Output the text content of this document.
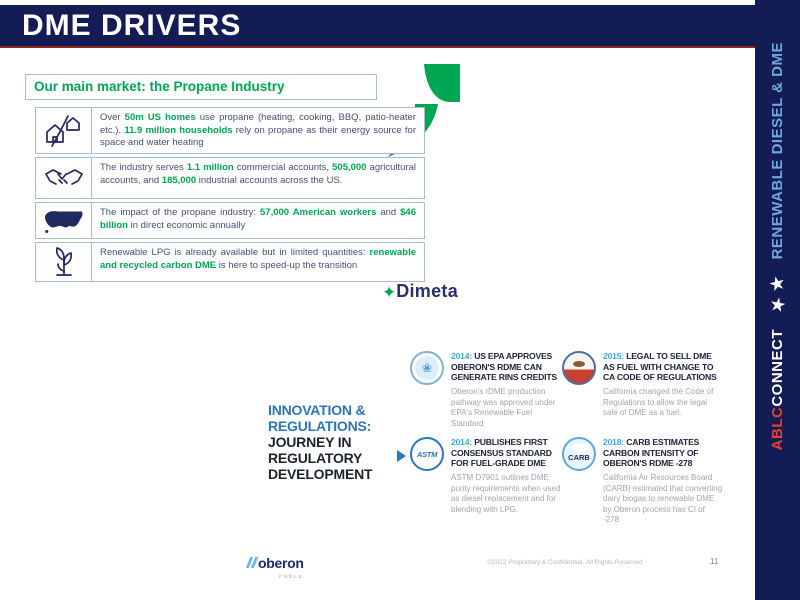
DME DRIVERS
RENEWABLE DIESEL & DME
★
★
ABLCCONNECT
Our main market: the Propane Industry
Over 50m US homes use propane (heating, cooking, BBQ, patio-heater etc.). 11.9 million households rely on propane as their energy source for space and water heating
The industry serves 1.1 million commercial accounts, 505,000 agricultural accounts, and 185,000 industrial accounts across the US.
The impact of the propane industry: 57,000 American workers and $46 billion in direct economic annually
Renewable LPG is already available but in limited quantities: renewable and recycled carbon DME is here to speed-up the transition
✦Dimeta
INNOVATION & REGULATIONS:
JOURNEY IN REGULATORY DEVELOPMENT
❀
2014: US EPA APPROVES OBERON'S RDME CAN GENERATE RINS CREDITS
Oberon's rDME production pathway was approved under EPA's Renewable Fuel Standard
2015: LEGAL TO SELL DME AS FUEL WITH CHANGE TO CA CODE OF REGULATIONS
California changed the Code of Regulations to allow the legal sale of DME as a fuel.
ASTM
2014: PUBLISHES FIRST CONSENSUS STANDARD FOR FUEL-GRADE DME
ASTM D7901 outlines DME purity requirements when used as diesel replacement and for blending with LPG.
CARB
2018: CARB ESTIMATES CARBON INTENSITY OF OBERON'S RDME -278
California Air Resources Board (CARB) estimated that converting dairy biogas to renewable DME by Oberon process has CI of -278
oberon
FUELS
©2022 Proprietary & Confidential. All Rights Reserved	11
